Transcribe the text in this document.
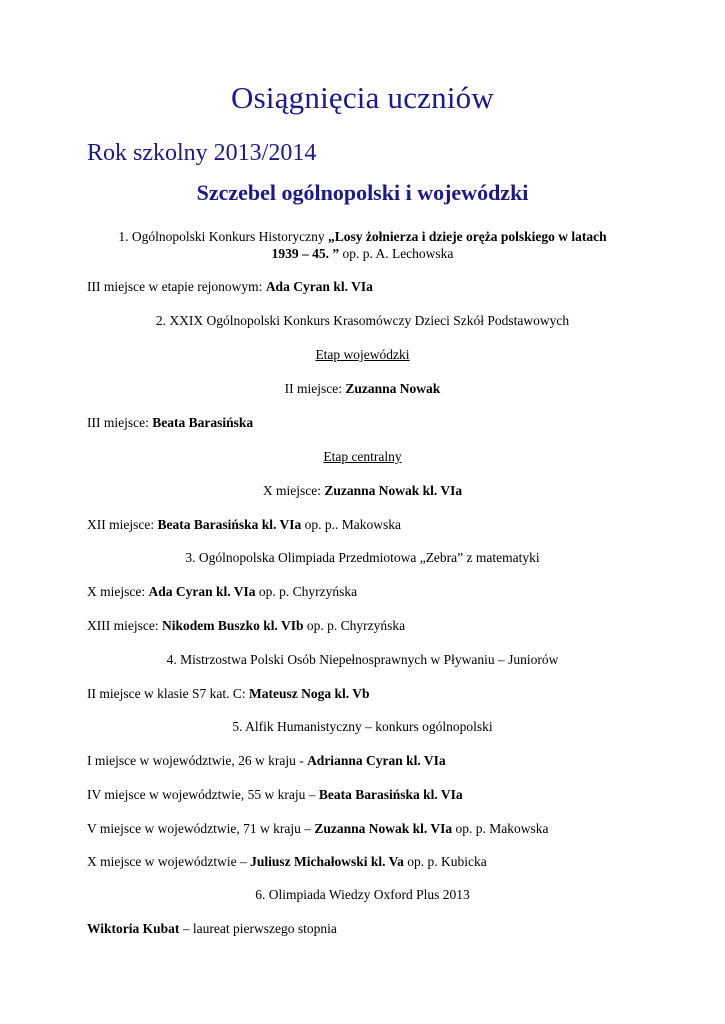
Osiągnięcia uczniów
Rok szkolny 2013/2014
Szczebel ogólnopolski i wojewódzki
1. Ogólnopolski Konkurs Historyczny „Losy żołnierza i dzieje oręża polskiego w latach
1939 – 45. ” op. p. A. Lechowska
III miejsce w etapie rejonowym: Ada Cyran kl. VIa
2. XXIX Ogólnopolski Konkurs Krasomówczy Dzieci Szkół Podstawowych
Etap wojewódzki
II miejsce: Zuzanna Nowak
III miejsce: Beata Barasińska
Etap centralny
X miejsce: Zuzanna Nowak kl. VIa
XII miejsce: Beata Barasińska kl. VIa op. p.. Makowska
3. Ogólnopolska Olimpiada Przedmiotowa „Zebra” z matematyki
X miejsce: Ada Cyran kl. VIa op. p. Chyrzyńska
XIII miejsce: Nikodem Buszko kl. VIb op. p. Chyrzyńska
4. Mistrzostwa Polski Osób Niepełnosprawnych w Pływaniu – Juniorów
II miejsce w klasie S7 kat. C: Mateusz Noga kl. Vb
5. Alfik Humanistyczny – konkurs ogólnopolski
I miejsce w województwie, 26 w kraju - Adrianna Cyran kl. VIa
IV miejsce w województwie, 55 w kraju – Beata Barasińska kl. VIa
V miejsce w województwie, 71 w kraju – Zuzanna Nowak kl. VIa op. p. Makowska
X miejsce w województwie – Juliusz Michałowski kl. Va op. p. Kubicka
6. Olimpiada Wiedzy Oxford Plus 2013
Wiktoria Kubat – laureat pierwszego stopnia
